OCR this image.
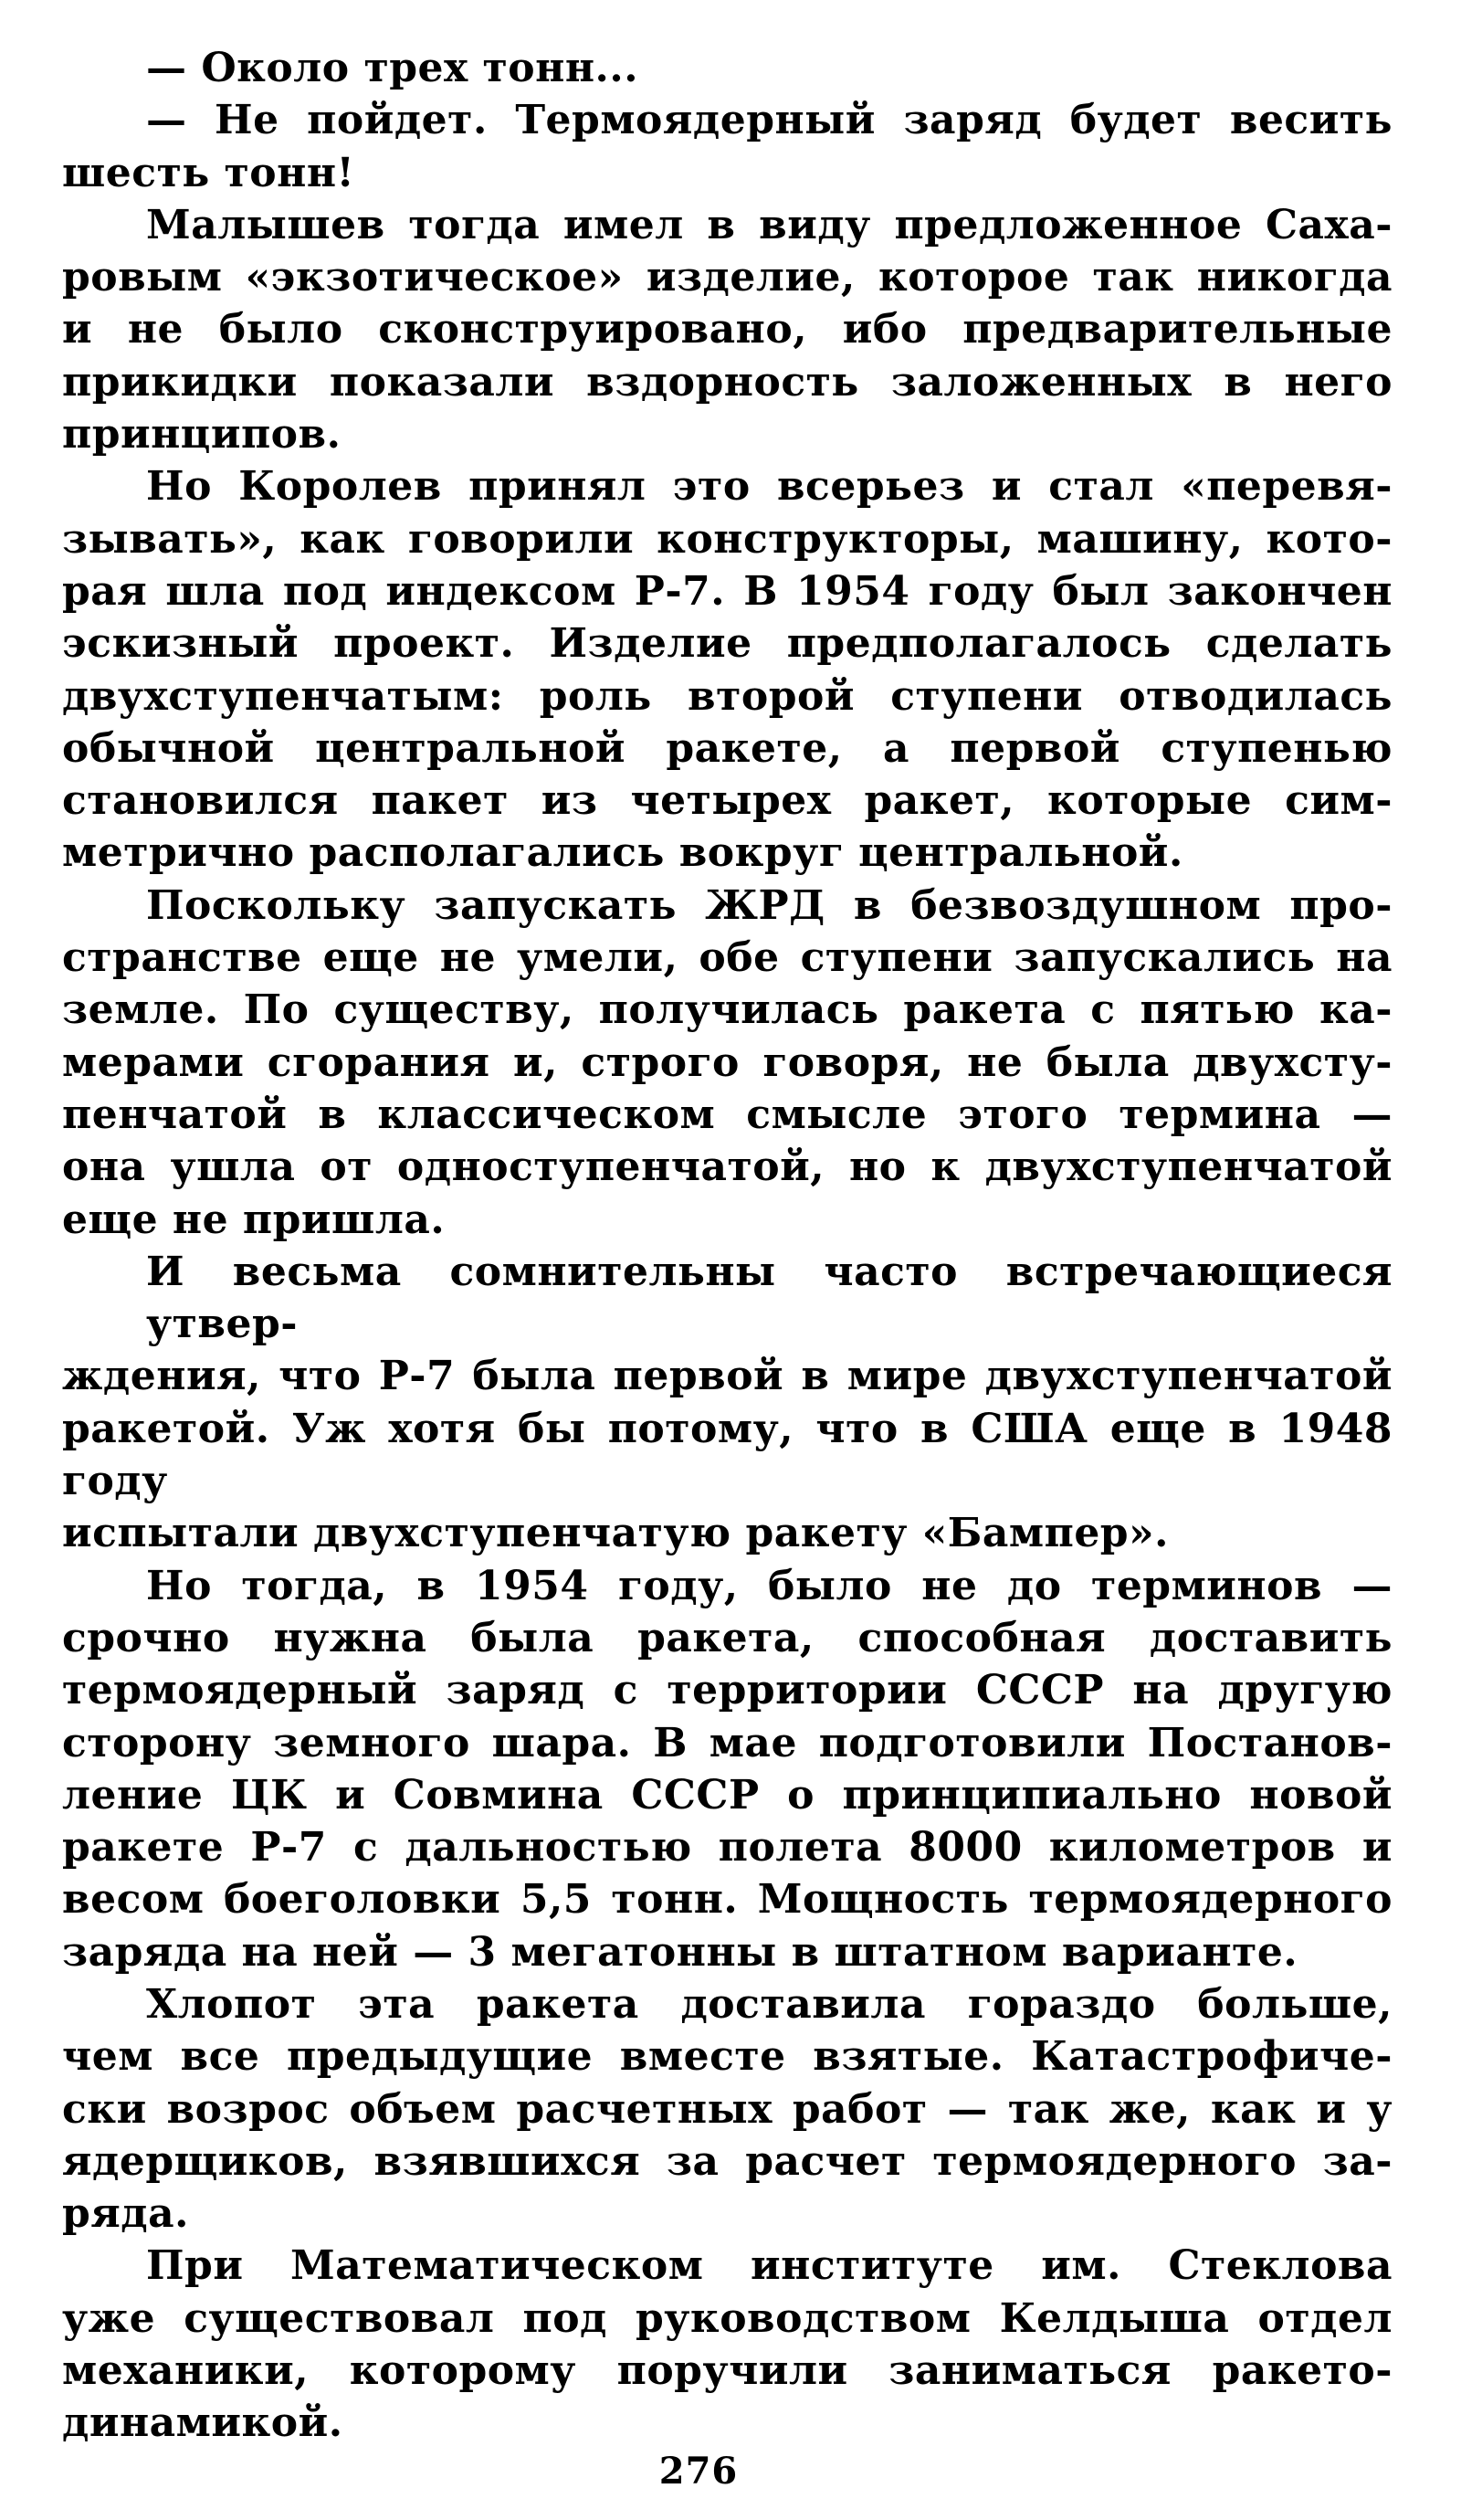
— Около трех тонн...
— Не пойдет. Термоядерный заряд будет весить
шесть тонн!
Малышев тогда имел в виду предложенное Саха-
ровым «экзотическое» изделие, которое так никогда
и не было сконструировано, ибо предварительные
прикидки показали вздорность заложенных в него
принципов.
Но Королев принял это всерьез и стал «перевя-
зывать», как говорили конструкторы, машину, кото-
рая шла под индексом Р-7. В 1954 году был закончен
эскизный проект. Изделие предполагалось сделать
двухступенчатым: роль второй ступени отводилась
обычной центральной ракете, а первой ступенью
становился пакет из четырех ракет, которые сим-
метрично располагались вокруг центральной.
Поскольку запускать ЖРД в безвоздушном про-
странстве еще не умели, обе ступени запускались на
земле. По существу, получилась ракета с пятью ка-
мерами сгорания и, строго говоря, не была двухсту-
пенчатой в классическом смысле этого термина —
она ушла от одноступенчатой, но к двухступенчатой
еще не пришла.
И весьма сомнительны часто встречающиеся утвер-
ждения, что Р-7 была первой в мире двухступенчатой
ракетой. Уж хотя бы потому, что в США еще в 1948 году
испытали двухступенчатую ракету «Бампер».
Но тогда, в 1954 году, было не до терминов —
срочно нужна была ракета, способная доставить
термоядерный заряд с территории СССР на другую
сторону земного шара. В мае подготовили Постанов-
ление ЦК и Совмина СССР о принципиально новой
ракете Р-7 с дальностью полета 8000 километров и
весом боеголовки 5,5 тонн. Мощность термоядерного
заряда на ней — 3 мегатонны в штатном варианте.
Хлопот эта ракета доставила гораздо больше,
чем все предыдущие вместе взятые. Катастрофиче-
ски возрос объем расчетных работ — так же, как и у
ядерщиков, взявшихся за расчет термоядерного за-
ряда.
При Математическом институте им. Стеклова
уже существовал под руководством Келдыша отдел
механики, которому поручили заниматься ракето-
динамикой.
276
